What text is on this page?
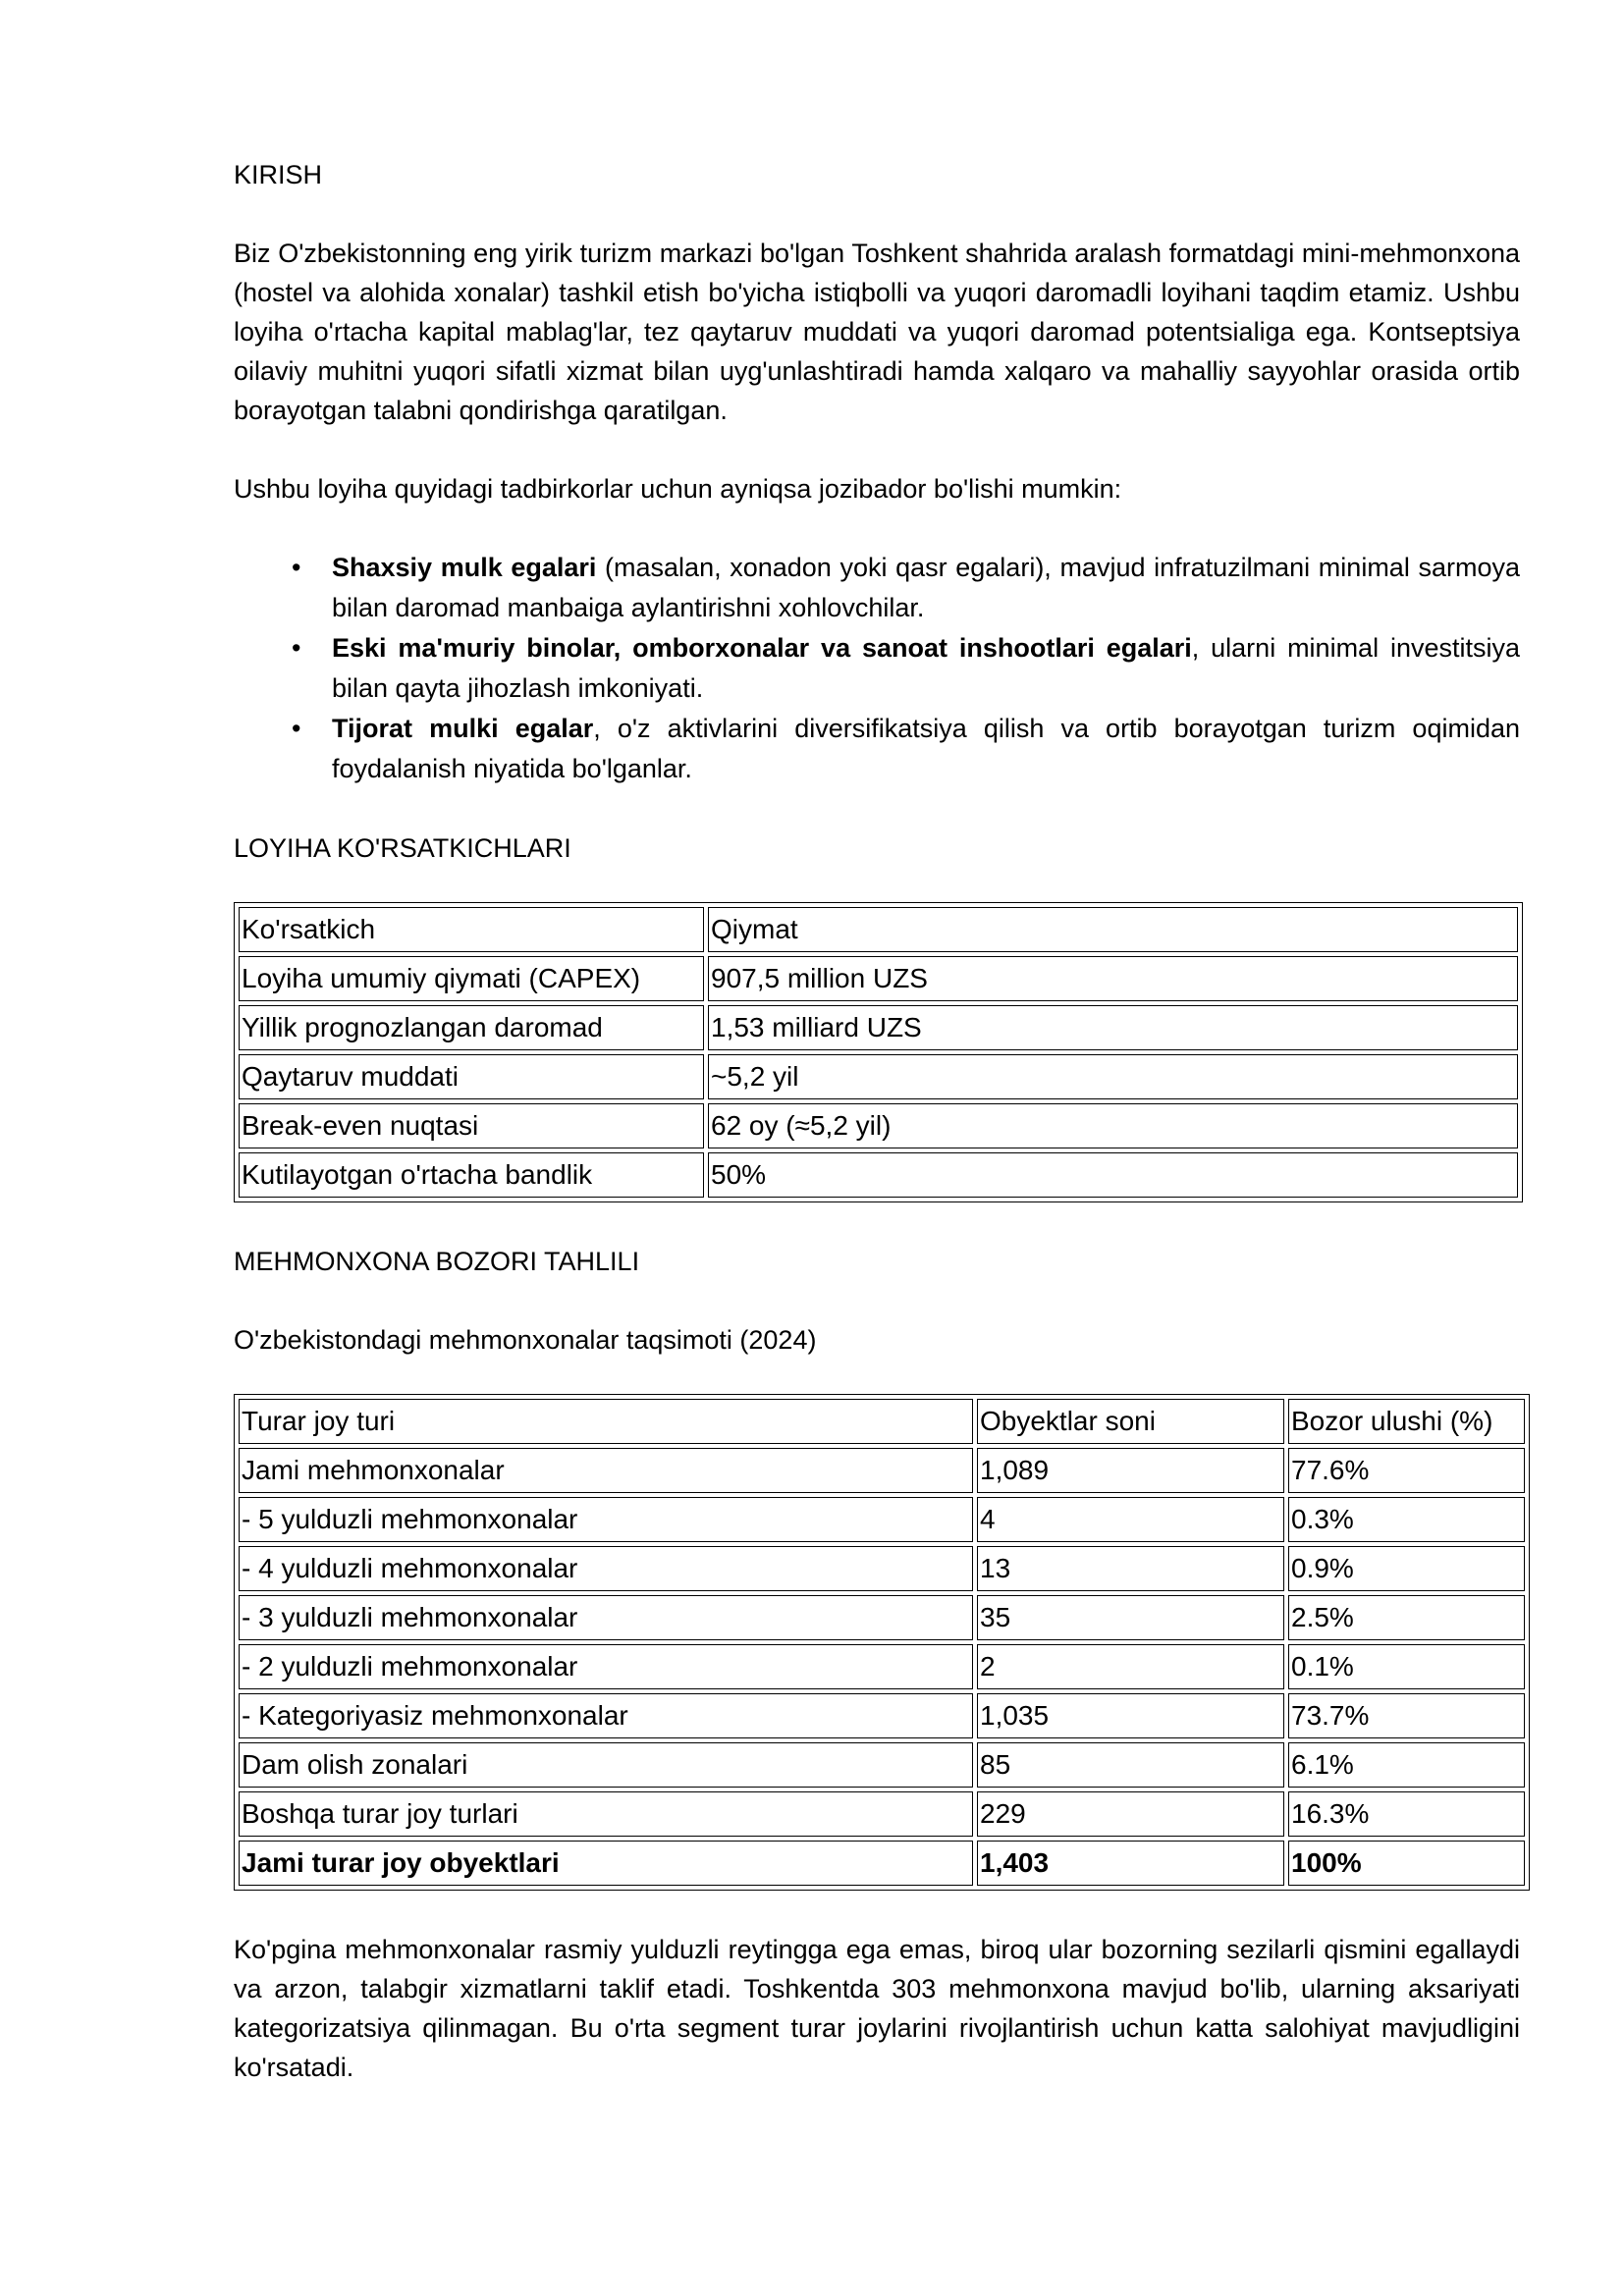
KIRISH

Biz O'zbekistonning eng yirik turizm markazi bo'lgan Toshkent shahrida aralash formatdagi mini-mehmonxona (hostel va alohida xonalar) tashkil etish bo'yicha istiqbolli va yuqori daromadli loyihani taqdim etamiz. Ushbu loyiha o'rtacha kapital mablag'lar, tez qaytaruv muddati va yuqori daromad potentsialiga ega. Kontseptsiya oilaviy muhitni yuqori sifatli xizmat bilan uyg'unlashtiradi hamda xalqaro va mahalliy sayyohlar orasida ortib borayotgan talabni qondirishga qaratilgan.

Ushbu loyiha quyidagi tadbirkorlar uchun ayniqsa jozibador bo'lishi mumkin:

• Shaxsiy mulk egalari (masalan, xonadon yoki qasr egalari), mavjud infratuzilmani minimal sarmoya bilan daromad manbaiga aylantirishni xohlovchilar.
• Eski ma'muriy binolar, omborxonalar va sanoat inshootlari egalari, ularni minimal investitsiya bilan qayta jihozlash imkoniyati.
• Tijorat mulki egalar, o'z aktivlarini diversifikatsiya qilish va ortib borayotgan turizm oqimidan foydalanish niyatida bo'lganlar.

LOYIHA KO'RSATKICHLARI

Ko'rsatkich	Qiymat
Loyiha umumiy qiymati (CAPEX)	907,5 million UZS
Yillik prognozlangan daromad	1,53 milliard UZS
Qaytaruv muddati	~5,2 yil
Break-even nuqtasi	62 oy (≈5,2 yil)
Kutilayotgan o'rtacha bandlik	50%

MEHMONXONA BOZORI TAHLILI

O'zbekistondagi mehmonxonalar taqsimoti (2024)

Turar joy turi	Obyektlar soni	Bozor ulushi (%)
Jami mehmonxonalar	1,089	77.6%
- 5 yulduzli mehmonxonalar	4	0.3%
- 4 yulduzli mehmonxonalar	13	0.9%
- 3 yulduzli mehmonxonalar	35	2.5%
- 2 yulduzli mehmonxonalar	2	0.1%
- Kategoriyasiz mehmonxonalar	1,035	73.7%
Dam olish zonalari	85	6.1%
Boshqa turar joy turlari	229	16.3%
Jami turar joy obyektlari	1,403	100%

Ko'pgina mehmonxonalar rasmiy yulduzli reytingga ega emas, biroq ular bozorning sezilarli qismini egallaydi va arzon, talabgir xizmatlarni taklif etadi. Toshkentda 303 mehmonxona mavjud bo'lib, ularning aksariyati kategorizatsiya qilinmagan. Bu o'rta segment turar joylarini rivojlantirish uchun katta salohiyat mavjudligini ko'rsatadi.
